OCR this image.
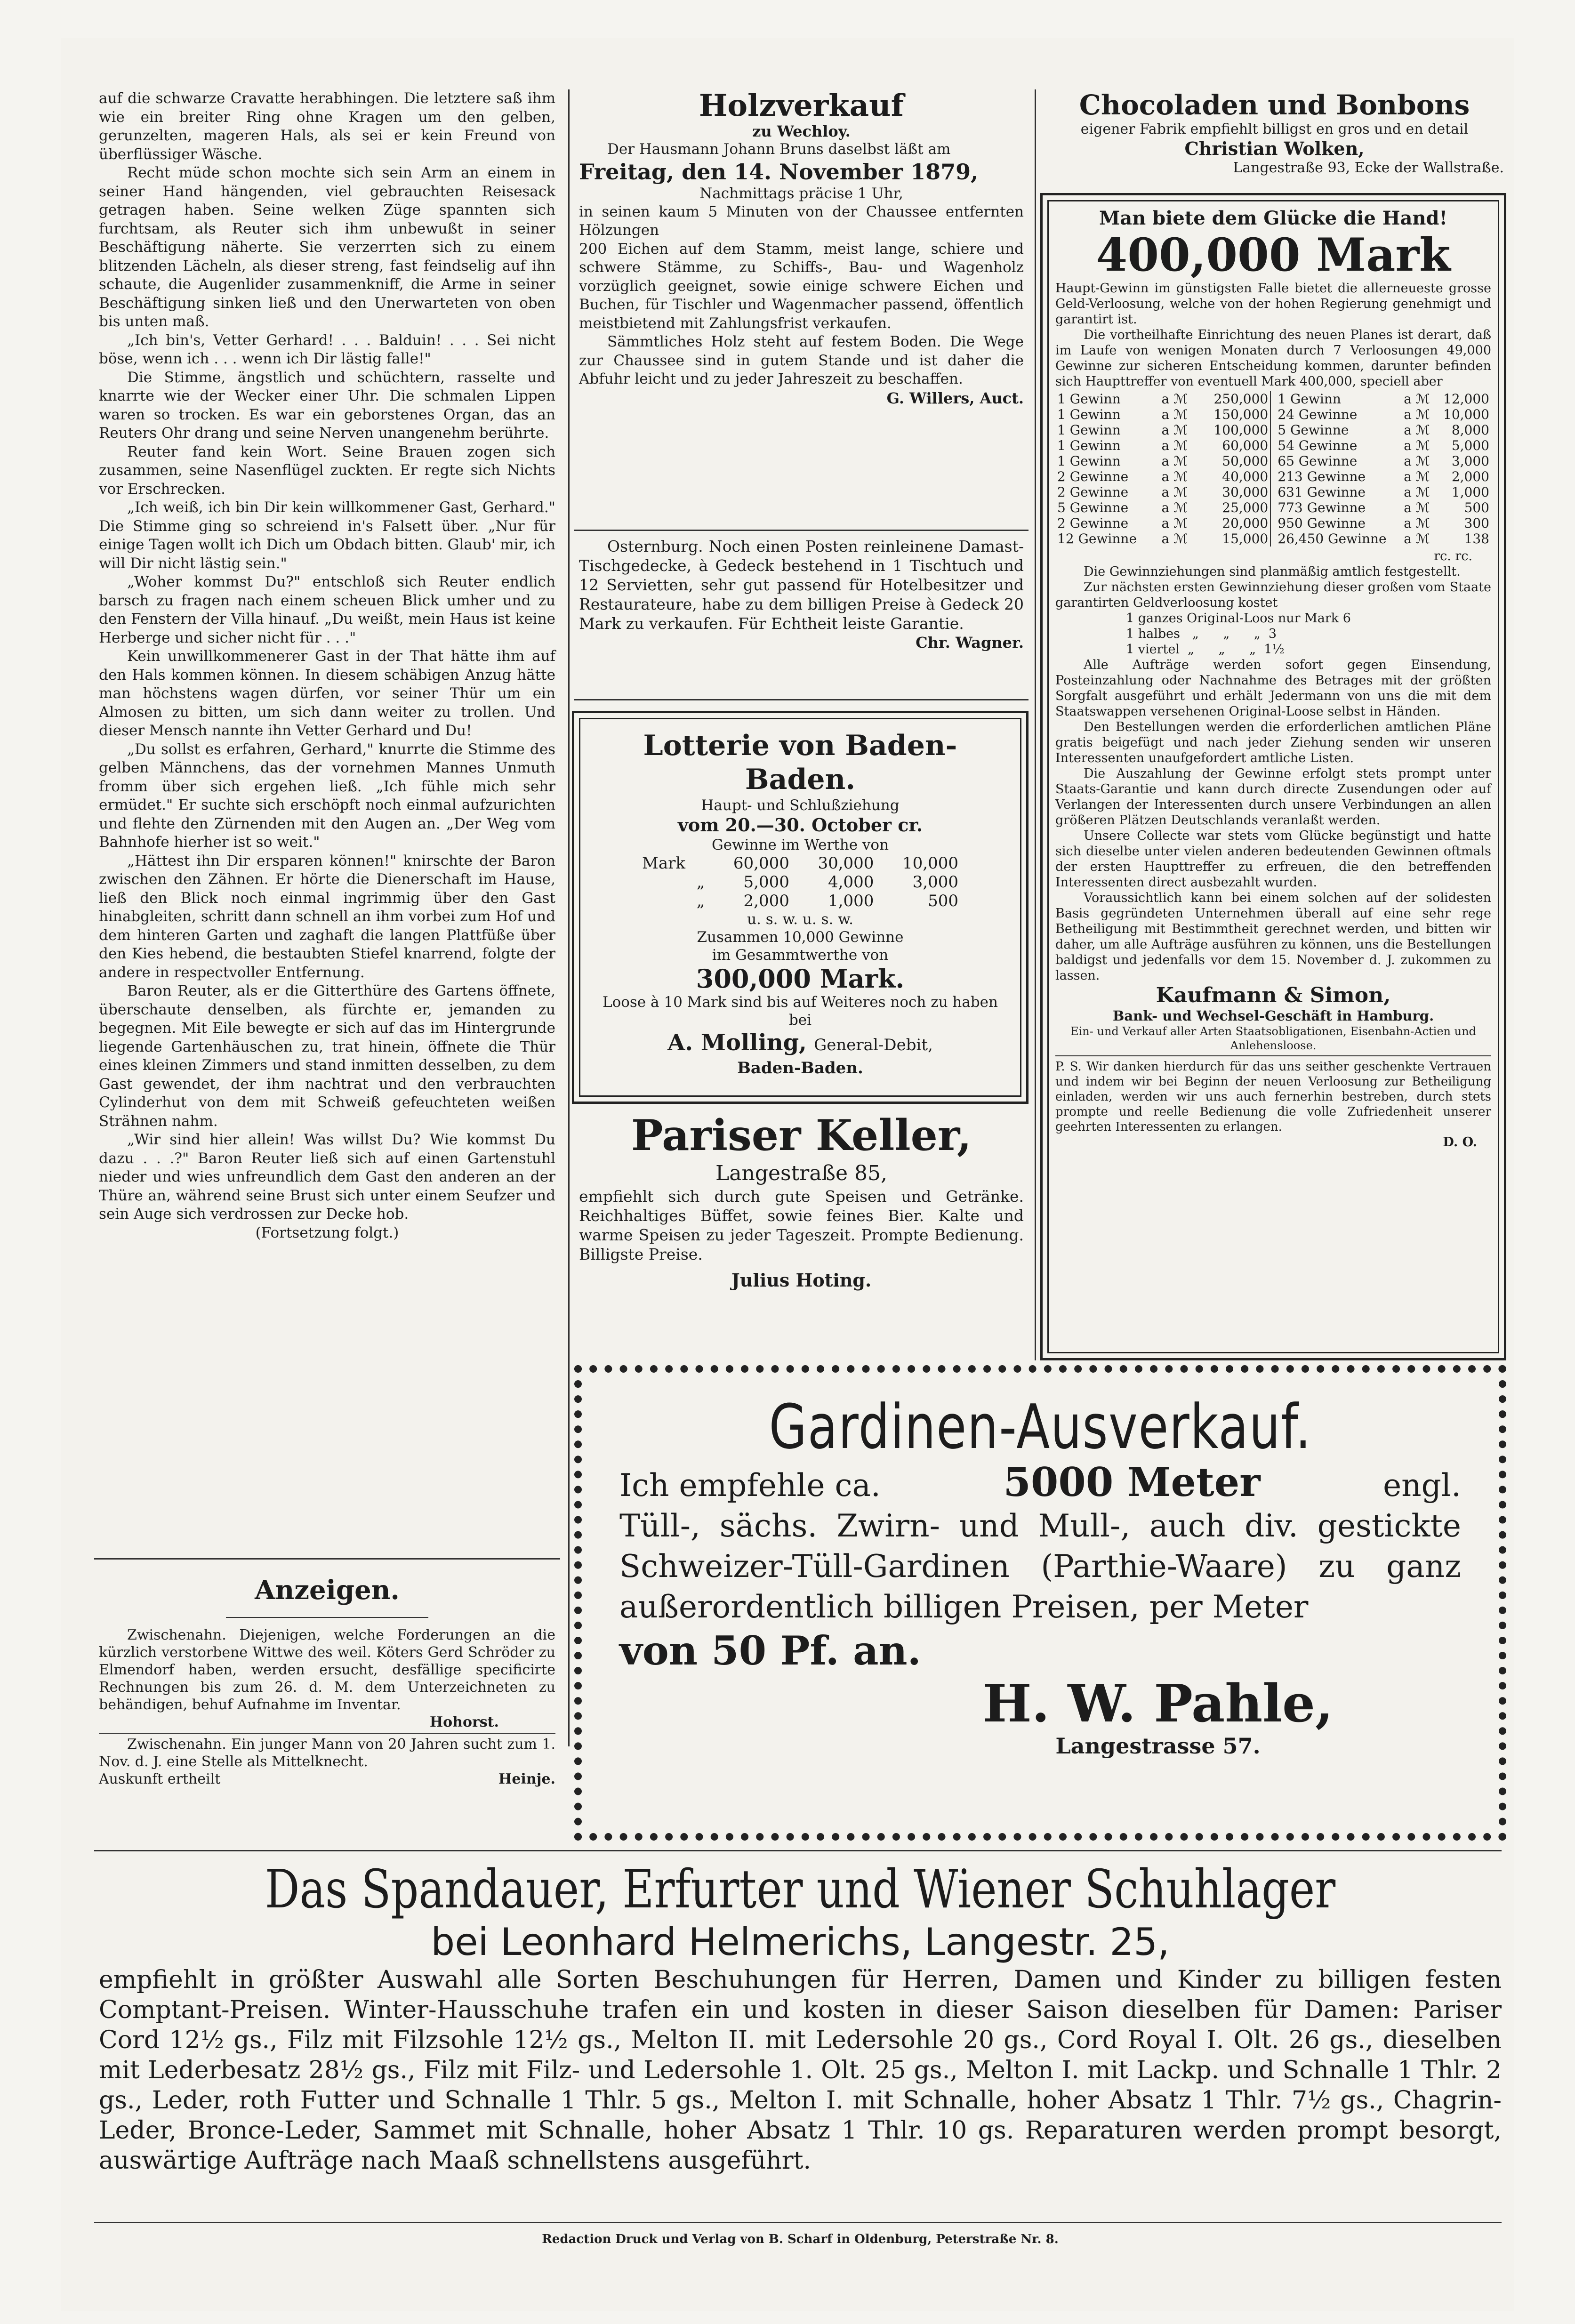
auf die schwarze Cravatte herabhingen. Die letztere saß ihm wie ein breiter Ring ohne Kragen um den gelben, gerunzelten, mageren Hals, als sei er kein Freund von überflüssiger Wäsche.

Recht müde schon mochte sich sein Arm an einem in seiner Hand hängenden, viel gebrauchten Reisesack getragen haben. Seine welken Züge spannten sich furchtsam, als Reuter sich ihm unbewußt in seiner Beschäftigung näherte. Sie verzerrten sich zu einem blitzenden Lächeln, als dieser streng, fast feindselig auf ihn schaute, die Augenlider zusammenkniff, die Arme in seiner Beschäftigung sinken ließ und den Unerwarteten von oben bis unten maß.

„Ich bin's, Vetter Gerhard! . . . Balduin! . . . Sei nicht böse, wenn ich . . . wenn ich Dir lästig falle!"

Die Stimme, ängstlich und schüchtern, rasselte und knarrte wie der Wecker einer Uhr. Die schmalen Lippen waren so trocken. Es war ein geborstenes Organ, das an Reuters Ohr drang und seine Nerven unangenehm berührte.

Reuter fand kein Wort. Seine Brauen zogen sich zusammen, seine Nasenflügel zuckten. Er regte sich Nichts vor Erschrecken.

„Ich weiß, ich bin Dir kein willkommener Gast, Gerhard." Die Stimme ging so schreiend in's Falsett über. „Nur für einige Tagen wollt ich Dich um Obdach bitten. Glaub' mir, ich will Dir nicht lästig sein."

„Woher kommst Du?" entschloß sich Reuter endlich barsch zu fragen nach einem scheuen Blick umher und zu den Fenstern der Villa hinauf. „Du weißt, mein Haus ist keine Herberge und sicher nicht für . . ."

Kein unwillkommenerer Gast in der That hätte ihm auf den Hals kommen können. In diesem schäbigen Anzug hätte man höchstens wagen dürfen, vor seiner Thür um ein Almosen zu bitten, um sich dann weiter zu trollen. Und dieser Mensch nannte ihn Vetter Gerhard und Du!

„Du sollst es erfahren, Gerhard," knurrte die Stimme des gelben Männchens, das der vornehmen Mannes Unmuth fromm über sich ergehen ließ. „Ich fühle mich sehr ermüdet." Er suchte sich erschöpft noch einmal aufzurichten und flehte den Zürnenden mit den Augen an. „Der Weg vom Bahnhofe hierher ist so weit."

„Hättest ihn Dir ersparen können!" knirschte der Baron zwischen den Zähnen. Er hörte die Dienerschaft im Hause, ließ den Blick noch einmal ingrimmig über den Gast hinabgleiten, schritt dann schnell an ihm vorbei zum Hof und dem hinteren Garten und zaghaft die langen Plattfüße über den Kies hebend, die bestaubten Stiefel knarrend, folgte der andere in respectvoller Entfernung.

Baron Reuter, als er die Gitterthüre des Gartens öffnete, überschaute denselben, als fürchte er, jemanden zu begegnen. Mit Eile bewegte er sich auf das im Hintergrunde liegende Gartenhäuschen zu, trat hinein, öffnete die Thür eines kleinen Zimmers und stand inmitten desselben, zu dem Gast gewendet, der ihm nachtrat und den verbrauchten Cylinderhut von dem mit Schweiß gefeuchteten weißen Strähnen nahm.

„Wir sind hier allein! Was willst Du? Wie kommst Du dazu . . .?" Baron Reuter ließ sich auf einen Gartenstuhl nieder und wies unfreundlich dem Gast den anderen an der Thüre an, während seine Brust sich unter einem Seufzer und sein Auge sich verdrossen zur Decke hob.

(Fortsetzung folgt.)

Anzeigen.

Zwischenahn. Diejenigen, welche Forderungen an die kürzlich verstorbene Wittwe des weil. Köters Gerd Schröder zu Elmendorf haben, werden ersucht, desfällige specificirte Rechnungen bis zum 26. d. M. dem Unterzeichneten zu behändigen, behuf Aufnahme im Inventar.

Hohorst.

Zwischenahn. Ein junger Mann von 20 Jahren sucht zum 1. Nov. d. J. eine Stelle als Mittelknecht.

Auskunft ertheilt	Heinje.
Holzverkauf
zu Wechloy.

Der Hausmann Johann Bruns daselbst läßt am

Freitag, den 14. November 1879,
Nachmittags präcise 1 Uhr,

in seinen kaum 5 Minuten von der Chaussee entfernten Hölzungen

200 Eichen auf dem Stamm, meist lange, schiere und schwere Stämme, zu Schiffs-, Bau- und Wagenholz vorzüglich geeignet, sowie einige schwere Eichen und Buchen, für Tischler und Wagenmacher passend, öffentlich meistbietend mit Zahlungsfrist verkaufen.

Sämmtliches Holz steht auf festem Boden. Die Wege zur Chaussee sind in gutem Stande und ist daher die Abfuhr leicht und zu jeder Jahreszeit zu beschaffen.

G. Willers, Auct.

Osternburg. Noch einen Posten reinleinene Damast-Tischgedecke, à Gedeck bestehend in 1 Tischtuch und 12 Servietten, sehr gut passend für Hotelbesitzer und Restaurateure, habe zu dem billigen Preise à Gedeck 20 Mark zu verkaufen. Für Echtheit leiste Garantie.

Chr. Wagner.
Lotterie von Baden-Baden.
Haupt- und Schlußziehung
vom 20.—30. October cr.
Gewinne im Werthe von
Mark	60,000	30,000	10,000
„	5,000	4,000	3,000
„	2,000	1,000	500
u. s. w. u. s. w.
Zusammen 10,000 Gewinne
im Gesammtwerthe von
300,000 Mark.
Loose à 10 Mark sind bis auf Weiteres noch zu haben bei
A. Molling, General-Debit,
Baden-Baden.
Pariser Keller,
Langestraße 85,

empfiehlt sich durch gute Speisen und Getränke. Reichhaltiges Büffet, sowie feines Bier. Kalte und warme Speisen zu jeder Tageszeit. Prompte Bedienung. Billigste Preise.

Julius Hoting.
Chocoladen und Bonbons
eigener Fabrik empfiehlt billigst en gros und en detail
Christian Wolken,
Langestraße 93, Ecke der Wallstraße.
Man biete dem Glücke die Hand!
400,000 Mark

Haupt-Gewinn im günstigsten Falle bietet die allerneueste grosse Geld-Verloosung, welche von der hohen Regierung genehmigt und garantirt ist.

Die vortheilhafte Einrichtung des neuen Planes ist derart, daß im Laufe von wenigen Monaten durch 7 Verloosungen 49,000 Gewinne zur sicheren Entscheidung kommen, darunter befinden sich Haupttreffer von eventuell Mark 400,000, speciell aber

1 Gewinn	a ℳ	250,000
1 Gewinn	a ℳ	150,000
1 Gewinn	a ℳ	100,000
1 Gewinn	a ℳ	60,000
1 Gewinn	a ℳ	50,000
2 Gewinne	a ℳ	40,000
2 Gewinne	a ℳ	30,000
5 Gewinne	a ℳ	25,000
2 Gewinne	a ℳ	20,000
12 Gewinne	a ℳ	15,000
1 Gewinn	a ℳ	12,000
24 Gewinne	a ℳ	10,000
5 Gewinne	a ℳ	8,000
54 Gewinne	a ℳ	5,000
65 Gewinne	a ℳ	3,000
213 Gewinne	a ℳ	2,000
631 Gewinne	a ℳ	1,000
773 Gewinne	a ℳ	500
950 Gewinne	a ℳ	300
26,450 Gewinne	a ℳ	138
rc. rc.

Die Gewinnziehungen sind planmäßig amtlich festgestellt.

Zur nächsten ersten Gewinnziehung dieser großen vom Staate garantirten Geldverloosung kostet

1 ganzes Original-Loos nur Mark 6
1 halbes   „      „      „  3
1 viertel  „      „      „  1½

Alle Aufträge werden sofort gegen Einsendung, Posteinzahlung oder Nachnahme des Betrages mit der größten Sorgfalt ausgeführt und erhält Jedermann von uns die mit dem Staatswappen versehenen Original-Loose selbst in Händen.

Den Bestellungen werden die erforderlichen amtlichen Pläne gratis beigefügt und nach jeder Ziehung senden wir unseren Interessenten unaufgefordert amtliche Listen.

Die Auszahlung der Gewinne erfolgt stets prompt unter Staats-Garantie und kann durch directe Zusendungen oder auf Verlangen der Interessenten durch unsere Verbindungen an allen größeren Plätzen Deutschlands veranlaßt werden.

Unsere Collecte war stets vom Glücke begünstigt und hatte sich dieselbe unter vielen anderen bedeutenden Gewinnen oftmals der ersten Haupttreffer zu erfreuen, die den betreffenden Interessenten direct ausbezahlt wurden.

Voraussichtlich kann bei einem solchen auf der solidesten Basis gegründeten Unternehmen überall auf eine sehr rege Betheiligung mit Bestimmtheit gerechnet werden, und bitten wir daher, um alle Aufträge ausführen zu können, uns die Bestellungen baldigst und jedenfalls vor dem 15. November d. J. zukommen zu lassen.

Kaufmann & Simon,
Bank- und Wechsel-Geschäft in Hamburg.
Ein- und Verkauf aller Arten Staatsobligationen, Eisenbahn-Actien und Anlehensloose.

P. S. Wir danken hierdurch für das uns seither geschenkte Vertrauen und indem wir bei Beginn der neuen Verloosung zur Betheiligung einladen, werden wir uns auch fernerhin bestreben, durch stets prompte und reelle Bedienung die volle Zufriedenheit unserer geehrten Interessenten zu erlangen.

D. O.
Gardinen-Ausverkauf.
Ich empfehle ca.	5000 Meter	engl.

Tüll-, sächs. Zwirn- und Mull-, auch div. gestickte Schweizer-Tüll-Gardinen (Parthie-Waare) zu ganz außerordentlich billigen Preisen, per Meter

von 50 Pf. an.
H. W. Pahle,
Langestrasse 57.
Das Spandauer, Erfurter und Wiener Schuhlager
bei Leonhard Helmerichs, Langestr. 25,

empfiehlt in größter Auswahl alle Sorten Beschuhungen für Herren, Damen und Kinder zu billigen festen Comptant-Preisen. Winter-Hausschuhe trafen ein und kosten in dieser Saison dieselben für Damen: Pariser Cord 12½ gs., Filz mit Filzsohle 12½ gs., Melton II. mit Ledersohle 20 gs., Cord Royal I. Olt. 26 gs., dieselben mit Lederbesatz 28½ gs., Filz mit Filz- und Ledersohle 1. Olt. 25 gs., Melton I. mit Lackp. und Schnalle 1 Thlr. 2 gs., Leder, roth Futter und Schnalle 1 Thlr. 5 gs., Melton I. mit Schnalle, hoher Absatz 1 Thlr. 7½ gs., Chagrin-Leder, Bronce-Leder, Sammet mit Schnalle, hoher Absatz 1 Thlr. 10 gs. Reparaturen werden prompt besorgt, auswärtige Aufträge nach Maaß schnellstens ausgeführt.

Redaction Druck und Verlag von B. Scharf in Oldenburg, Peterstraße Nr. 8.
